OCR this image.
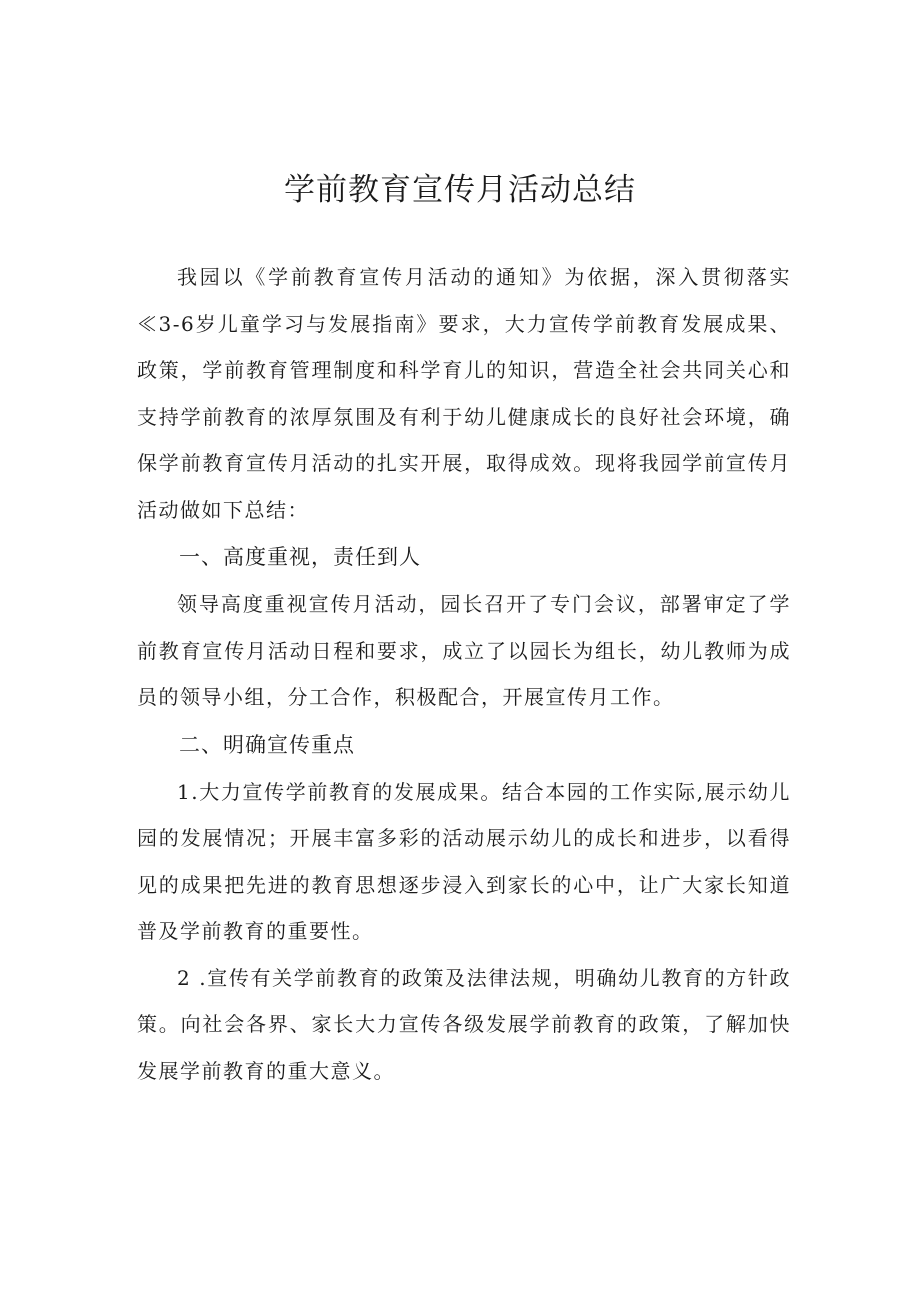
学前教育宣传月活动总结

我园以《学前教育宣传月活动的通知》为依据，深入贯彻落实≪3-6岁儿童学习与发展指南》要求，大力宣传学前教育发展成果、政策，学前教育管理制度和科学育儿的知识，营造全社会共同关心和支持学前教育的浓厚氛围及有利于幼儿健康成长的良好社会环境，确保学前教育宣传月活动的扎实开展，取得成效。现将我园学前宣传月活动做如下总结：

一、高度重视，责任到人

领导高度重视宣传月活动，园长召开了专门会议，部署审定了学前教育宣传月活动日程和要求，成立了以园长为组长，幼儿教师为成员的领导小组，分工合作，积极配合，开展宣传月工作。

二、明确宣传重点

1.大力宣传学前教育的发展成果。结合本园的工作实际,展示幼儿园的发展情况；开展丰富多彩的活动展示幼儿的成长和进步，以看得见的成果把先进的教育思想逐步浸入到家长的心中，让广大家长知道普及学前教育的重要性。

2 .宣传有关学前教育的政策及法律法规，明确幼儿教育的方针政策。向社会各界、家长大力宣传各级发展学前教育的政策，了解加快发展学前教育的重大意义。
